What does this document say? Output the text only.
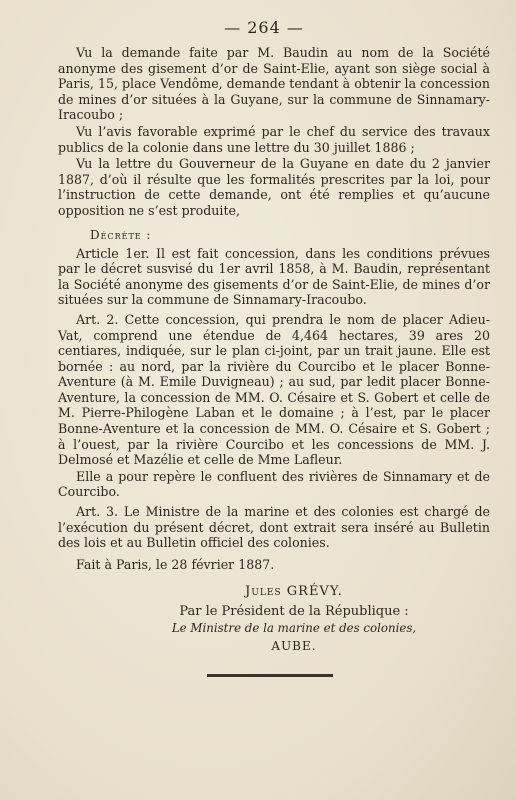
— 264 —

Vu la demande faite par M. Baudin au nom de la Société anonyme des gisement d’or de Saint-Elie, ayant son siège social à Paris, 15, place Vendôme, demande tendant à obtenir la concession de mines d’or situées à la Guyane, sur la commune de Sinnamary-Iracoubo ;

Vu l’avis favorable exprimé par le chef du service des travaux publics de la colonie dans une lettre du 30 juillet 1886 ;

Vu la lettre du Gouverneur de la Guyane en date du 2 janvier 1887, d’où il résulte que les formalités prescrites par la loi, pour l’instruction de cette demande, ont été remplies et qu’aucune opposition ne s’est produite,

Décrète :

Article 1er. Il est fait concession, dans les conditions prévues par le décret susvisé du 1er avril 1858, à M. Baudin, représentant la Société anonyme des gisements d’or de Saint-Elie, de mines d’or situées sur la commune de Sinnamary-Iracoubo.

Art. 2. Cette concession, qui prendra le nom de placer Adieu-Vat, comprend une étendue de 4,464 hectares, 39 ares 20 centiares, indiquée, sur le plan ci-joint, par un trait jaune. Elle est bornée : au nord, par la rivière du Courcibo et le placer Bonne-Aventure (à M. Emile Duvigneau) ; au sud, par ledit placer Bonne-Aventure, la concession de MM. O. Césaire et S. Gobert et celle de M. Pierre-Philogène Laban et le domaine ; à l’est, par le placer Bonne-Aventure et la concession de MM. O. Césaire et S. Gobert ; à l’ouest, par la rivière Courcibo et les concessions de MM. J. Delmosé et Mazélie et celle de Mme Lafleur.

Elle a pour repère le confluent des rivières de Sinnamary et de Courcibo.

Art. 3. Le Ministre de la marine et des colonies est chargé de l’exécution du présent décret, dont extrait sera inséré au Bulletin des lois et au Bulletin officiel des colonies.

Fait à Paris, le 28 février 1887.

Jules GRÉVY.
Par le Président de la République :
Le Ministre de la marine et des colonies,
AUBE.
